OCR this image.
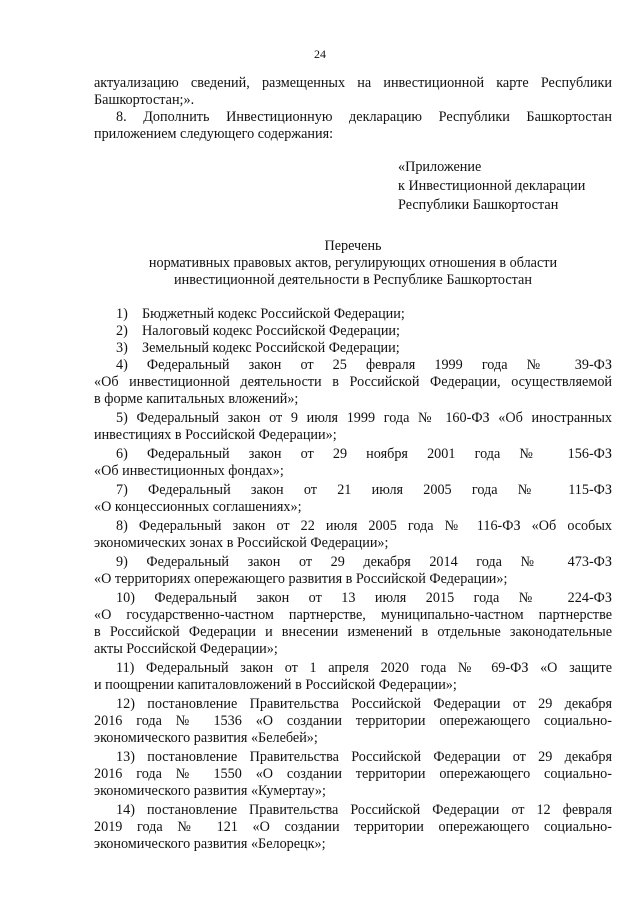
24
актуализацию сведений, размещенных на инвестиционной карте Республики
Башкортостан;».
8. Дополнить Инвестиционную декларацию Республики Башкортостан
приложением следующего содержания:
«Приложение
к Инвестиционной декларации
Республики Башкортостан
Перечень
нормативных правовых актов, регулирующих отношения в области
инвестиционной деятельности в Республике Башкортостан
1)    Бюджетный кодекс Российской Федерации;
2)    Налоговый кодекс Российской Федерации;
3)    Земельный кодекс Российской Федерации;
4) Федеральный закон от 25 февраля 1999 года № 39-ФЗ
«Об инвестиционной деятельности в Российской Федерации, осуществляемой
в форме капитальных вложений»;
5) Федеральный закон от 9 июля 1999 года № 160-ФЗ «Об иностранных
инвестициях в Российской Федерации»;
6) Федеральный закон от 29 ноября 2001 года № 156-ФЗ
«Об инвестиционных фондах»;
7) Федеральный закон от 21 июля 2005 года № 115-ФЗ
«О концессионных соглашениях»;
8) Федеральный закон от 22 июля 2005 года № 116-ФЗ «Об особых
экономических зонах в Российской Федерации»;
9) Федеральный закон от 29 декабря 2014 года № 473-ФЗ
«О территориях опережающего развития в Российской Федерации»;
10) Федеральный закон от 13 июля 2015 года № 224-ФЗ
«О государственно-частном партнерстве, муниципально-частном партнерстве
в Российской Федерации и внесении изменений в отдельные законодательные
акты Российской Федерации»;
11) Федеральный закон от 1 апреля 2020 года № 69-ФЗ «О защите
и поощрении капиталовложений в Российской Федерации»;
12) постановление Правительства Российской Федерации от 29 декабря
2016 года № 1536 «О создании территории опережающего социально-
экономического развития «Белебей»;
13) постановление Правительства Российской Федерации от 29 декабря
2016 года № 1550 «О создании территории опережающего социально-
экономического развития «Кумертау»;
14) постановление Правительства Российской Федерации от 12 февраля
2019 года № 121 «О создании территории опережающего социально-
экономического развития «Белорецк»;
